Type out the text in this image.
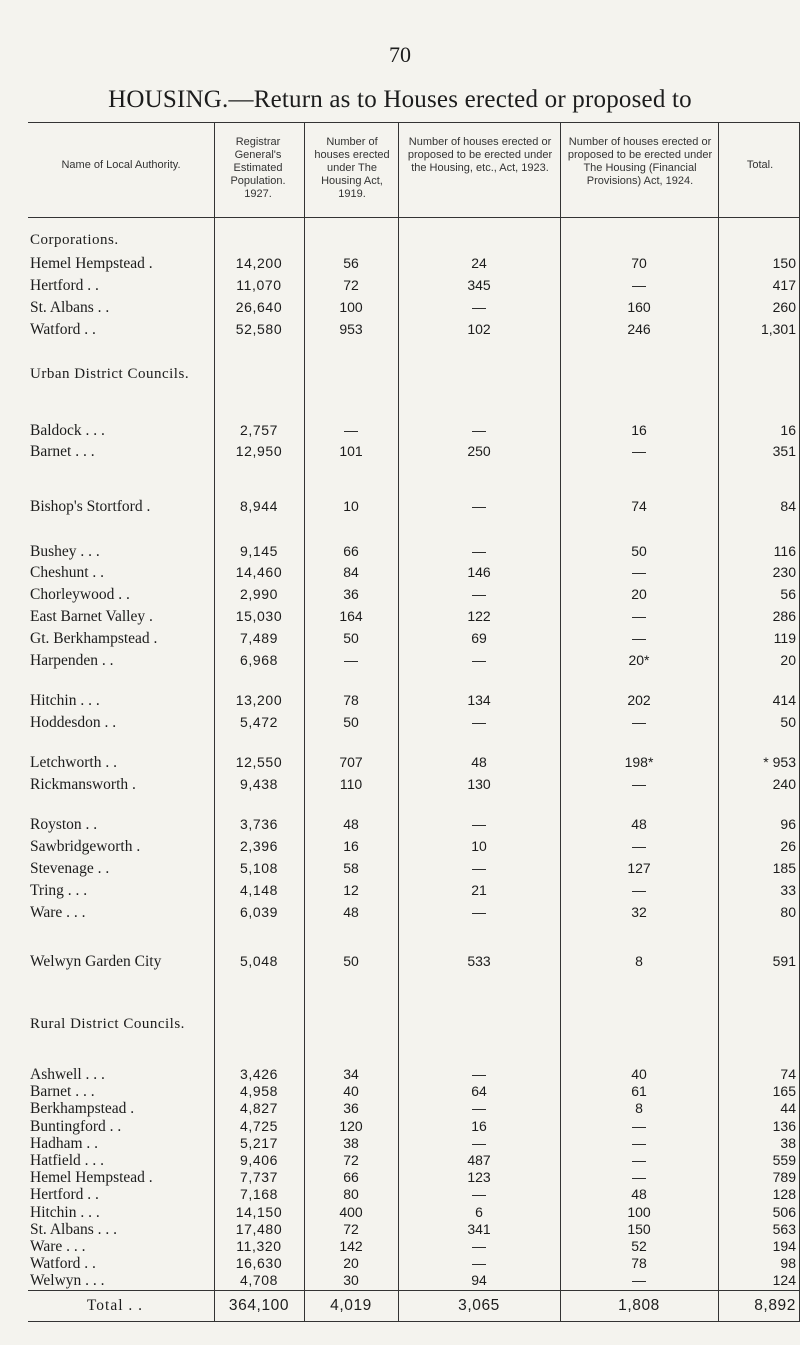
70
HOUSING.—Return as to Houses erected or proposed to
Name of Local Authority.
Registrar General's Estimated Population. 1927.
Number of houses erected under The Housing Act, 1919.
Number of houses erected or proposed to be erected under the Housing, etc., Act, 1923.
Number of houses erected or proposed to be erected under The Housing (Financial Provisions) Act, 1924.
Total.
Corporations.
Hemel Hempstead .	14,200	56	24	70	150
Hertford . .	11,070	72	345	—	417
St. Albans . .	26,640	100	—	160	260
Watford . .	52,580	953	102	246	1,301
Urban District Councils.
Baldock . . .	2,757	—	—	16	16
Barnet . . .	12,950	101	250	—	351
Bishop's Stortford .	8,944	10	—	74	84
Bushey . . .	9,145	66	—	50	116
Cheshunt . .	14,460	84	146	—	230
Chorleywood . .	2,990	36	—	20	56
East Barnet Valley .	15,030	164	122	—	286
Gt. Berkhampstead .	7,489	50	69	—	119
Harpenden . .	6,968	—	—	20*	20
Hitchin . . .	13,200	78	134	202	414
Hoddesdon . .	5,472	50	—	—	50
Letchworth . .	12,550	707	48	198*	* 953
Rickmansworth .	9,438	110	130	—	240
Royston . .	3,736	48	—	48	96
Sawbridgeworth .	2,396	16	10	—	26
Stevenage . .	5,108	58	—	127	185
Tring . . .	4,148	12	21	—	33
Ware . . .	6,039	48	—	32	80
Welwyn Garden City	5,048	50	533	8	591
Rural District Councils.
Ashwell . . .	3,426	34	—	40	74
Barnet . . .	4,958	40	64	61	165
Berkhampstead .	4,827	36	—	8	44
Buntingford . .	4,725	120	16	—	136
Hadham . .	5,217	38	—	—	38
Hatfield . . .	9,406	72	487	—	559
Hemel Hempstead .	7,737	66	123	—	789
Hertford . .	7,168	80	—	48	128
Hitchin . . .	14,150	400	6	100	506
St. Albans . . .	17,480	72	341	150	563
Ware . . .	11,320	142	—	52	194
Watford . .	16,630	20	—	78	98
Welwyn . . .	4,708	30	94	—	124
Total . .	364,100	4,019	3,065	1,808	8,892
